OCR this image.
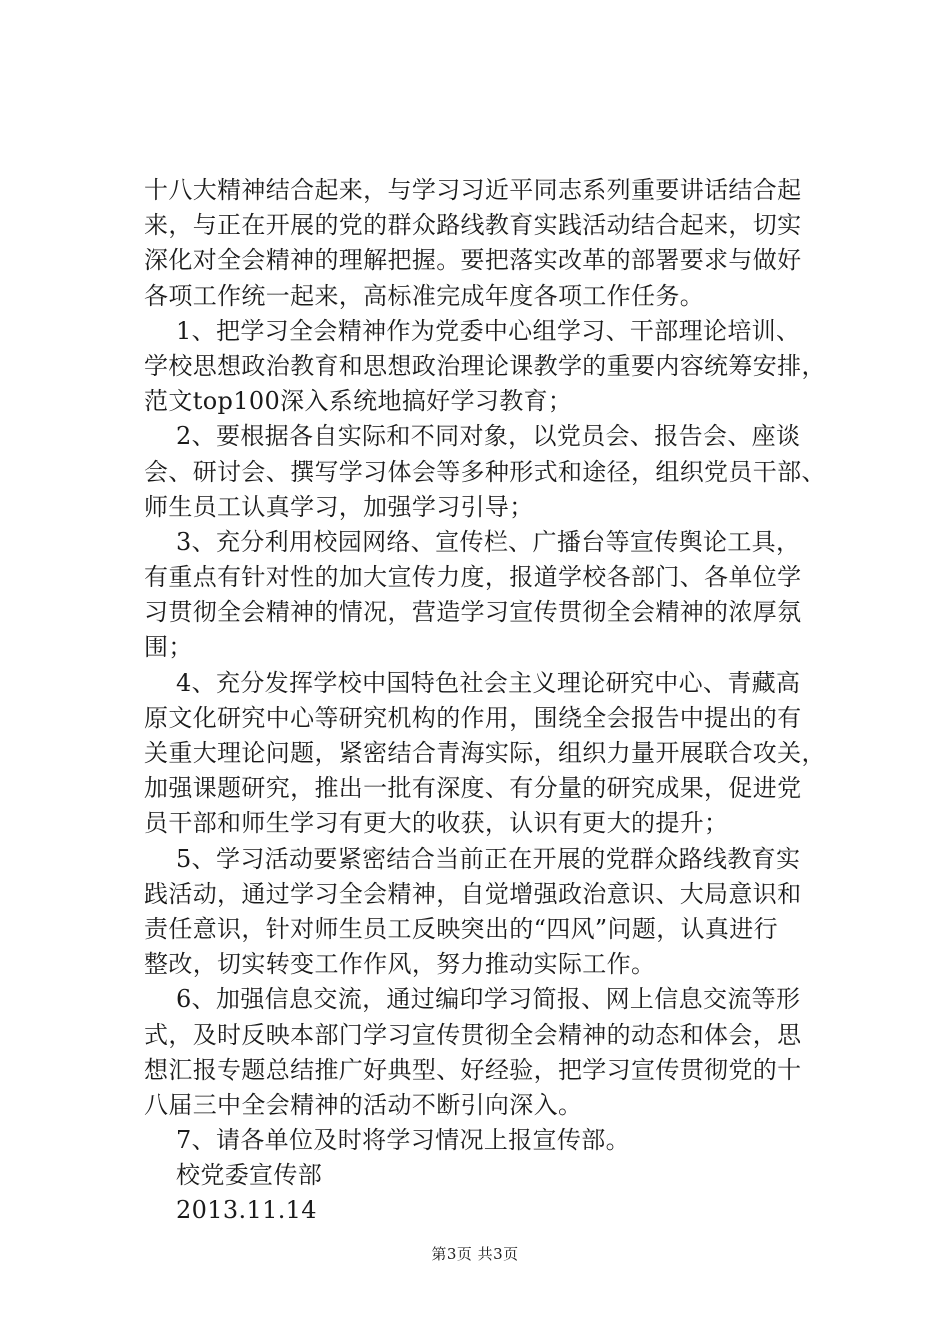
十八大精神结合起来，与学习习近平同志系列重要讲话结合起
来，与正在开展的党的群众路线教育实践活动结合起来，切实
深化对全会精神的理解把握。要把落实改革的部署要求与做好
各项工作统一起来，高标准完成年度各项工作任务。
1、把学习全会精神作为党委中心组学习、干部理论培训、
学校思想政治教育和思想政治理论课教学的重要内容统筹安排，
范文top100深入系统地搞好学习教育；
2、要根据各自实际和不同对象，以党员会、报告会、座谈
会、研讨会、撰写学习体会等多种形式和途径，组织党员干部、
师生员工认真学习，加强学习引导；
3、充分利用校园网络、宣传栏、广播台等宣传舆论工具，
有重点有针对性的加大宣传力度，报道学校各部门、各单位学
习贯彻全会精神的情况，营造学习宣传贯彻全会精神的浓厚氛
围；
4、充分发挥学校中国特色社会主义理论研究中心、青藏高
原文化研究中心等研究机构的作用，围绕全会报告中提出的有
关重大理论问题，紧密结合青海实际，组织力量开展联合攻关，
加强课题研究，推出一批有深度、有分量的研究成果，促进党
员干部和师生学习有更大的收获，认识有更大的提升；
5、学习活动要紧密结合当前正在开展的党群众路线教育实
践活动，通过学习全会精神，自觉增强政治意识、大局意识和
责任意识，针对师生员工反映突出的“四风”问题，认真进行
整改，切实转变工作作风，努力推动实际工作。
6、加强信息交流，通过编印学习简报、网上信息交流等形
式，及时反映本部门学习宣传贯彻全会精神的动态和体会，思
想汇报专题总结推广好典型、好经验，把学习宣传贯彻党的十
八届三中全会精神的活动不断引向深入。
7、请各单位及时将学习情况上报宣传部。
校党委宣传部
2013.11.14
第3页 共3页
